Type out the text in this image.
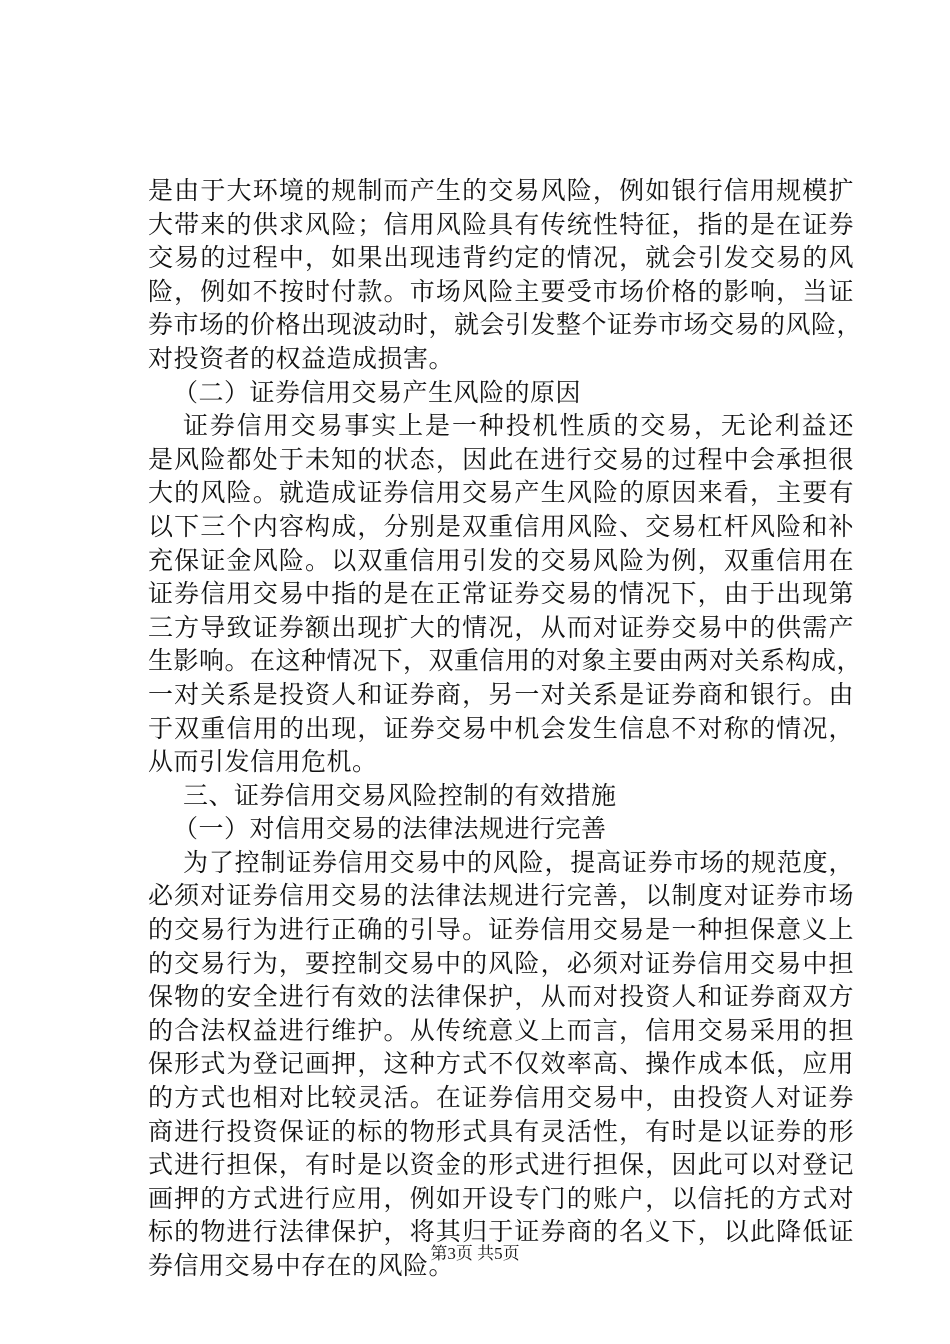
是由于大环境的规制而产生的交易风险，例如银行信用规模扩
大带来的供求风险；信用风险具有传统性特征，指的是在证券
交易的过程中，如果出现违背约定的情况，就会引发交易的风
险，例如不按时付款。市场风险主要受市场价格的影响，当证
券市场的价格出现波动时，就会引发整个证券市场交易的风险，
对投资者的权益造成损害。
（二）证券信用交易产生风险的原因
证券信用交易事实上是一种投机性质的交易，无论利益还
是风险都处于未知的状态，因此在进行交易的过程中会承担很
大的风险。就造成证券信用交易产生风险的原因来看，主要有
以下三个内容构成，分别是双重信用风险、交易杠杆风险和补
充保证金风险。以双重信用引发的交易风险为例，双重信用在
证券信用交易中指的是在正常证券交易的情况下，由于出现第
三方导致证券额出现扩大的情况，从而对证券交易中的供需产
生影响。在这种情况下，双重信用的对象主要由两对关系构成，
一对关系是投资人和证券商，另一对关系是证券商和银行。由
于双重信用的出现，证券交易中机会发生信息不对称的情况，
从而引发信用危机。
三、证券信用交易风险控制的有效措施
（一）对信用交易的法律法规进行完善
为了控制证券信用交易中的风险，提高证券市场的规范度，
必须对证券信用交易的法律法规进行完善，以制度对证券市场
的交易行为进行正确的引导。证券信用交易是一种担保意义上
的交易行为，要控制交易中的风险，必须对证券信用交易中担
保物的安全进行有效的法律保护，从而对投资人和证券商双方
的合法权益进行维护。从传统意义上而言，信用交易采用的担
保形式为登记画押，这种方式不仅效率高、操作成本低，应用
的方式也相对比较灵活。在证券信用交易中，由投资人对证券
商进行投资保证的标的物形式具有灵活性，有时是以证券的形
式进行担保，有时是以资金的形式进行担保，因此可以对登记
画押的方式进行应用，例如开设专门的账户，以信托的方式对
标的物进行法律保护，将其归于证券商的名义下，以此降低证
券信用交易中存在的风险。
第3页 共5页
